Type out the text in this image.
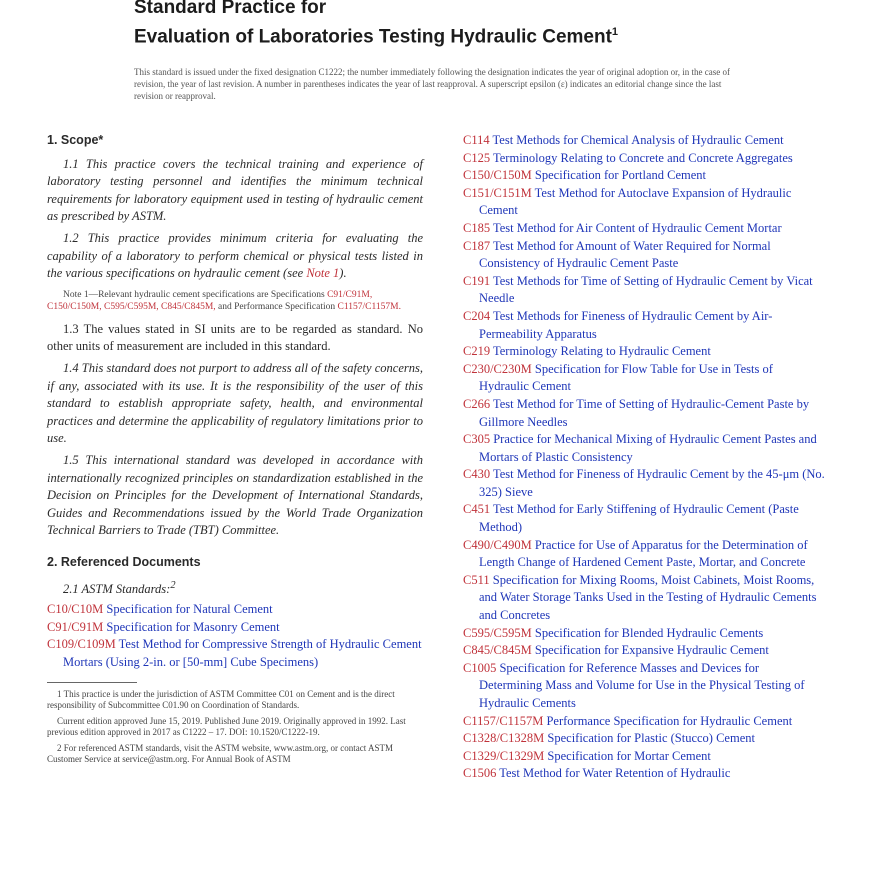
Standard Practice for
Evaluation of Laboratories Testing Hydraulic Cement$^1$
This standard is issued under the fixed designation C1222; the number immediately following the designation indicates the year of original adoption or, in the case of revision, the year of last revision. A number in parentheses indicates the year of last reapproval. A superscript epsilon (ε) indicates an editorial change since the last revision or reapproval.
1. Scope*
1.1 This practice covers the technical training and experience of laboratory testing personnel and identifies the minimum technical requirements for laboratory equipment used in testing of hydraulic cement as prescribed by ASTM.
1.2 This practice provides minimum criteria for evaluating the capability of a laboratory to perform chemical or physical tests listed in the various specifications on hydraulic cement (see Note 1).
Note 1—Relevant hydraulic cement specifications are Specifications C91/C91M, C150/C150M, C595/C595M, C845/C845M, and Performance Specification C1157/C1157M.
1.3 The values stated in SI units are to be regarded as standard. No other units of measurement are included in this standard.
1.4 This standard does not purport to address all of the safety concerns, if any, associated with its use. It is the responsibility of the user of this standard to establish appropriate safety, health, and environmental practices and determine the applicability of regulatory limitations prior to use.
1.5 This international standard was developed in accordance with internationally recognized principles on standardization established in the Decision on Principles for the Development of International Standards, Guides and Recommendations issued by the World Trade Organization Technical Barriers to Trade (TBT) Committee.
2. Referenced Documents
2.1 ASTM Standards:$^2$
C10/C10M Specification for Natural Cement
C91/C91M Specification for Masonry Cement
C109/C109M Test Method for Compressive Strength of Hydraulic Cement Mortars (Using 2-in. or [50-mm] Cube Specimens)
1 This practice is under the jurisdiction of ASTM Committee C01 on Cement and is the direct responsibility of Subcommittee C01.90 on Coordination of Standards.
Current edition approved June 15, 2019. Published June 2019. Originally approved in 1992. Last previous edition approved in 2017 as C1222 – 17. DOI: 10.1520/C1222-19.
2 For referenced ASTM standards, visit the ASTM website, www.astm.org, or contact ASTM Customer Service at service@astm.org. For Annual Book of ASTM
C114 Test Methods for Chemical Analysis of Hydraulic Cement
C125 Terminology Relating to Concrete and Concrete Aggregates
C150/C150M Specification for Portland Cement
C151/C151M Test Method for Autoclave Expansion of Hydraulic Cement
C185 Test Method for Air Content of Hydraulic Cement Mortar
C187 Test Method for Amount of Water Required for Normal Consistency of Hydraulic Cement Paste
C191 Test Methods for Time of Setting of Hydraulic Cement by Vicat Needle
C204 Test Methods for Fineness of Hydraulic Cement by Air-Permeability Apparatus
C219 Terminology Relating to Hydraulic Cement
C230/C230M Specification for Flow Table for Use in Tests of Hydraulic Cement
C266 Test Method for Time of Setting of Hydraulic-Cement Paste by Gillmore Needles
C305 Practice for Mechanical Mixing of Hydraulic Cement Pastes and Mortars of Plastic Consistency
C430 Test Method for Fineness of Hydraulic Cement by the 45-μm (No. 325) Sieve
C451 Test Method for Early Stiffening of Hydraulic Cement (Paste Method)
C490/C490M Practice for Use of Apparatus for the Determination of Length Change of Hardened Cement Paste, Mortar, and Concrete
C511 Specification for Mixing Rooms, Moist Cabinets, Moist Rooms, and Water Storage Tanks Used in the Testing of Hydraulic Cements and Concretes
C595/C595M Specification for Blended Hydraulic Cements
C845/C845M Specification for Expansive Hydraulic Cement
C1005 Specification for Reference Masses and Devices for Determining Mass and Volume for Use in the Physical Testing of Hydraulic Cements
C1157/C1157M Performance Specification for Hydraulic Cement
C1328/C1328M Specification for Plastic (Stucco) Cement
C1329/C1329M Specification for Mortar Cement
C1506 Test Method for Water Retention of Hydraulic
